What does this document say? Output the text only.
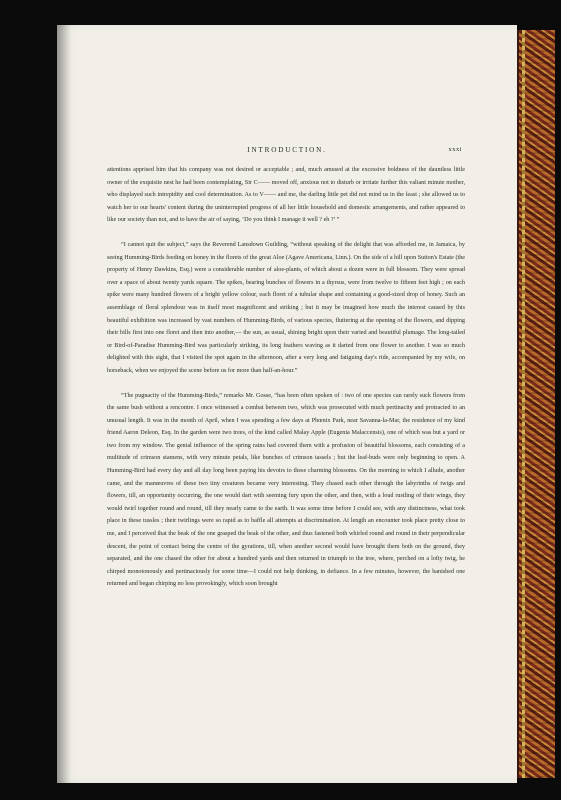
INTRODUCTION.	xxxi

attentions apprised him that his company was not desired or acceptable ; and, much amused at the excessive boldness of the dauntless little owner of the exquisite nest he had been contemplating, Sir C—— moved off, anxious not to disturb or irritate further this valiant minute mother, who displayed such intrepidity and cool determination. As to V—— and me, the darling little pet did not mind us in the least ; she allowed us to watch her to our hearts' content during the uninterrupted progress of all her little household and domestic arrangements, and rather appeared to like our society than not, and to have the air of saying, ‘Do you think I manage it well ? eh ?’ ”

“I cannot quit the subject,” says the Reverend Lansdown Guilding, “without speaking of the delight that was afforded me, in Jamaica, by seeing Humming-Birds feeding on honey in the florets of the great Aloe (Agave Americana, Linn.). On the side of a hill upon Sutton's Estate (the property of Henry Dawkins, Esq.) were a considerable number of aloe-plants, of which about a dozen were in full blossom. They were spread over a space of about twenty yards square. The spikes, bearing bunches of flowers in a thyrsus, were from twelve to fifteen feet high ; on each spike were many hundred flowers of a bright yellow colour, each floret of a tubular shape and containing a good-sized drop of honey. Such an assemblage of floral splendour was in itself most magnificent and striking ; but it may be imagined how much the interest caused by this beautiful exhibition was increased by vast numbers of Humming-Birds, of various species, fluttering at the opening of the flowers, and dipping their bills first into one floret and then into another,— the sun, as usual, shining bright upon their varied and beautiful plumage. The long-tailed or Bird-of-Paradise Humming-Bird was particularly striking, its long feathers waving as it darted from one flower to another. I was so much delighted with this sight, that I visited the spot again in the afternoon, after a very long and fatiguing day's ride, accompanied by my wife, on horseback, when we enjoyed the scene before us for more than half-an-hour.”

“The pugnacity of the Humming-Birds,” remarks Mr. Gosse, “has been often spoken of : two of one species can rarely suck flowers from the same bush without a rencontre. I once witnessed a combat between two, which was prosecuted with much pertinacity and protracted to an unusual length. It was in the month of April, when I was spending a few days at Phœnix Park, near Savanna-la-Mar, the residence of my kind friend Aaron Deleon, Esq. In the garden were two trees, of the kind called Malay Apple (Eugenia Malaccensis), one of which was but a yard or two from my window. The genial influence of the spring rains had covered them with a profusion of beautiful blossoms, each consisting of a multitude of crimson stamens, with very minute petals, like bunches of crimson tassels ; but the leaf-buds were only beginning to open. A Humming-Bird had every day and all day long been paying his devoirs to these charming blossoms. On the morning to which I allude, another came, and the manœuvres of these two tiny creatures became very interesting. They chased each other through the labyrinths of twigs and flowers, till, an opportunity occurring, the one would dart with seeming fury upon the other, and then, with a loud rustling of their wings, they would twirl together round and round, till they nearly came to the earth. It was some time before I could see, with any distinctness, what took place in these tussles ; their twirlings were so rapid as to baffle all attempts at discrimination. At length an encounter took place pretty close to me, and I perceived that the beak of the one grasped the beak of the other, and thus fastened both whirled round and round in their perpendicular descent, the point of contact being the centre of the gyrations, till, when another second would have brought them both on the ground, they separated, and the one chased the other for about a hundred yards and then returned in triumph to the tree, where, perched on a lofty twig, he chirped monotonously and pertinaciously for some time—I could not help thinking, in defiance. In a few minutes, however, the banished one returned and began chirping no less provokingly, which soon brought
